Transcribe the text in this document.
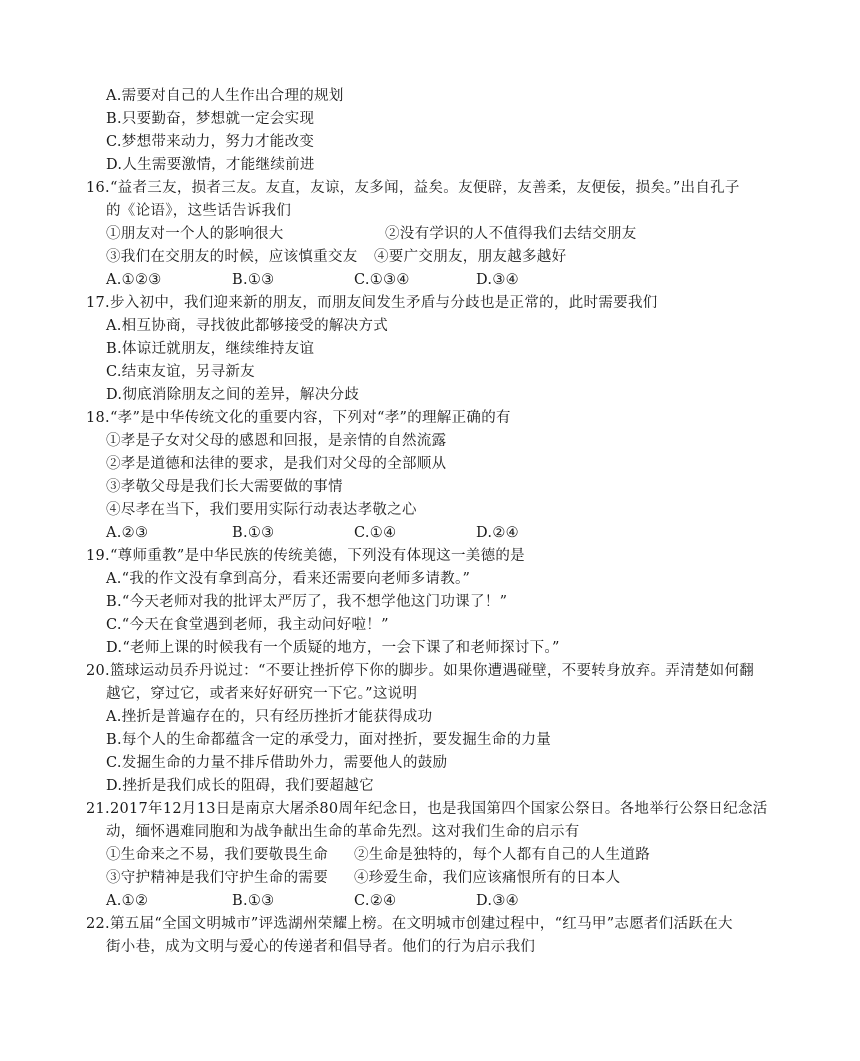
A.需要对自己的人生作出合理的规划
B.只要勤奋，梦想就一定会实现
C.梦想带来动力，努力才能改变
D.人生需要激情，才能继续前进
16.“益者三友，损者三友。友直，友谅，友多闻，益矣。友便辟，友善柔，友便佞，损矣。”出自孔子
的《论语》，这些话告诉我们
①朋友对一个人的影响很大	②没有学识的人不值得我们去结交朋友
③我们在交朋友的时候，应该慎重交友 ④要广交朋友，朋友越多越好
A.①②③	B.①③	C.①③④	D.③④
17.步入初中，我们迎来新的朋友，而朋友间发生矛盾与分歧也是正常的，此时需要我们
A.相互协商，寻找彼此都够接受的解决方式
B.体谅迁就朋友，继续维持友谊
C.结束友谊，另寻新友
D.彻底消除朋友之间的差异，解决分歧
18.“孝”是中华传统文化的重要内容，下列对“孝”的理解正确的有
①孝是子女对父母的感恩和回报，是亲情的自然流露
②孝是道德和法律的要求，是我们对父母的全部顺从
③孝敬父母是我们长大需要做的事情
④尽孝在当下，我们要用实际行动表达孝敬之心
A.②③	B.①③	C.①④	D.②④
19.“尊师重教”是中华民族的传统美德，下列没有体现这一美德的是
A.“我的作文没有拿到高分，看来还需要向老师多请教。”
B.“今天老师对我的批评太严厉了，我不想学他这门功课了！”
C.“今天在食堂遇到老师，我主动问好啦！”
D.“老师上课的时候我有一个质疑的地方，一会下课了和老师探讨下。”
20.篮球运动员乔丹说过：“不要让挫折停下你的脚步。如果你遭遇碰壁，不要转身放弃。弄清楚如何翻
越它，穿过它，或者来好好研究一下它。”这说明
A.挫折是普遍存在的，只有经历挫折才能获得成功
B.每个人的生命都蕴含一定的承受力，面对挫折，要发掘生命的力量
C.发掘生命的力量不排斥借助外力，需要他人的鼓励
D.挫折是我们成长的阻碍，我们要超越它
21.2017年12月13日是南京大屠杀80周年纪念日，也是我国第四个国家公祭日。各地举行公祭日纪念活
动，缅怀遇难同胞和为战争献出生命的革命先烈。这对我们生命的启示有
①生命来之不易，我们要敬畏生命 ②生命是独特的，每个人都有自己的人生道路
③守护精神是我们守护生命的需要 ④珍爱生命，我们应该痛恨所有的日本人
A.①②	B.①③	C.②④	D.③④
22.第五届“全国文明城市”评选湖州荣耀上榜。在文明城市创建过程中，“红马甲”志愿者们活跃在大
街小巷，成为文明与爱心的传递者和倡导者。他们的行为启示我们
